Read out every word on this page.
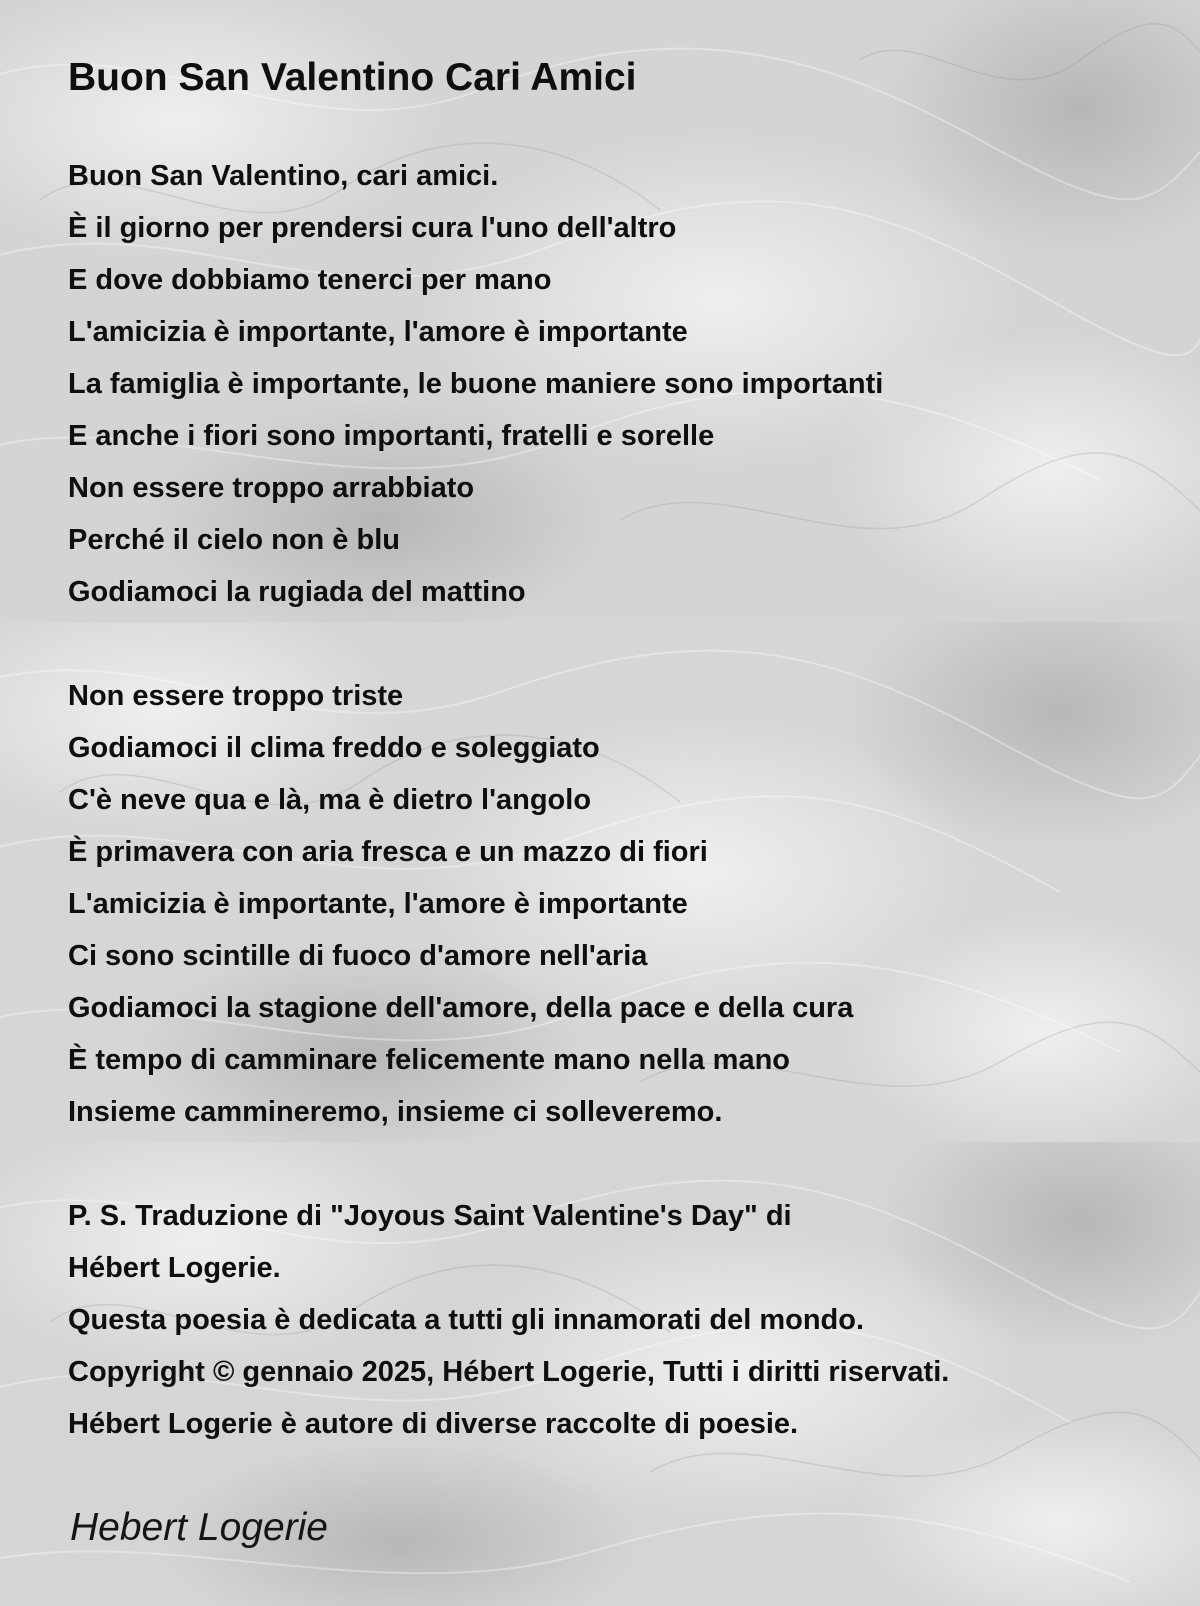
Buon San Valentino Cari Amici
Buon San Valentino, cari amici.
È il giorno per prendersi cura l'uno dell'altro
E dove dobbiamo tenerci per mano
L'amicizia è importante, l'amore è importante
La famiglia è importante, le buone maniere sono importanti
E anche i fiori sono importanti, fratelli e sorelle
Non essere troppo arrabbiato
Perché il cielo non è blu
Godiamoci la rugiada del mattino
Non essere troppo triste
Godiamoci il clima freddo e soleggiato
C'è neve qua e là, ma è dietro l'angolo
È primavera con aria fresca e un mazzo di fiori
L'amicizia è importante, l'amore è importante
Ci sono scintille di fuoco d'amore nell'aria
Godiamoci la stagione dell'amore, della pace e della cura
È tempo di camminare felicemente mano nella mano
Insieme cammineremo, insieme ci solleveremo.
P. S. Traduzione di "Joyous Saint Valentine's Day" di
Hébert Logerie.
Questa poesia è dedicata a tutti gli innamorati del mondo.
Copyright © gennaio 2025, Hébert Logerie, Tutti i diritti riservati.
Hébert Logerie è autore di diverse raccolte di poesie.
Hebert Logerie
